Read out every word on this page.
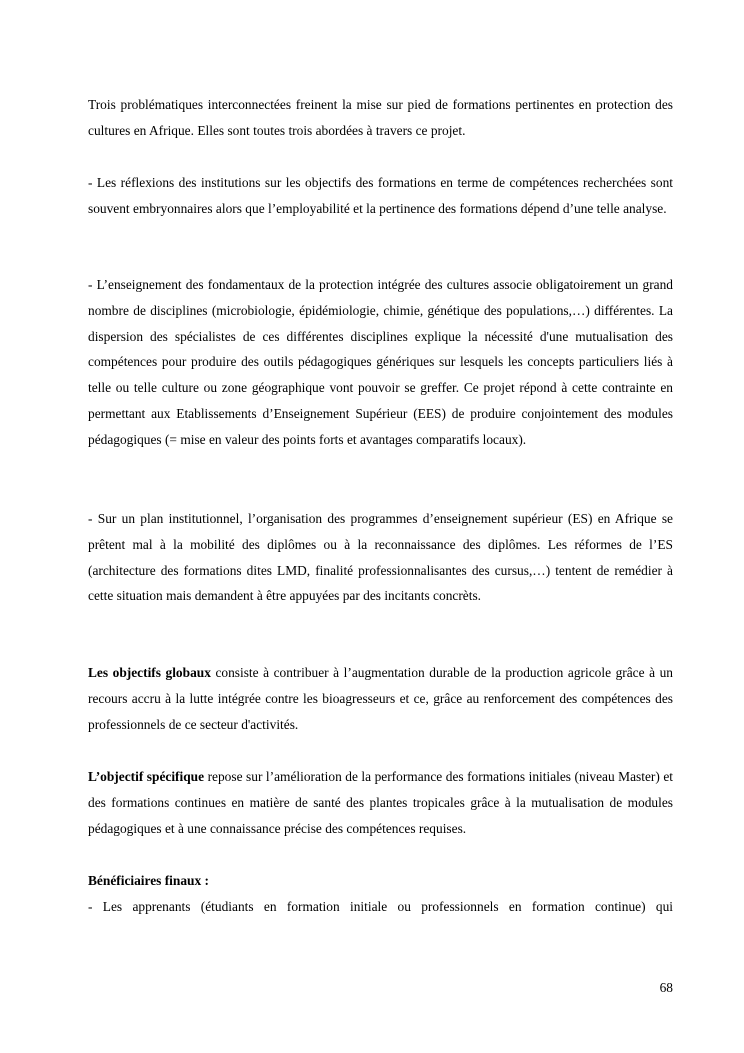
Trois problématiques interconnectées freinent la mise sur pied de formations pertinentes en protection des cultures en Afrique. Elles sont toutes trois abordées à travers ce projet.

- Les réflexions des institutions sur les objectifs des formations en terme de compétences recherchées sont souvent embryonnaires alors que l’employabilité et la pertinence des formations dépend d’une telle analyse.

- L’enseignement des fondamentaux de la protection intégrée des cultures associe obligatoirement un grand nombre de disciplines (microbiologie, épidémiologie, chimie, génétique des populations,…) différentes. La dispersion des spécialistes de ces différentes disciplines explique la nécessité d'une mutualisation des compétences pour produire des outils pédagogiques génériques sur lesquels les concepts particuliers liés à telle ou telle culture ou zone géographique vont pouvoir se greffer. Ce projet répond à cette contrainte en permettant aux Etablissements d’Enseignement Supérieur (EES) de produire conjointement des modules pédagogiques (= mise en valeur des points forts et avantages comparatifs locaux).

- Sur un plan institutionnel, l’organisation des programmes d’enseignement supérieur (ES) en Afrique se prêtent mal à la mobilité des diplômes ou à la reconnaissance des diplômes. Les réformes de l’ES (architecture des formations dites LMD, finalité professionnalisantes des cursus,…) tentent de remédier à cette situation mais demandent à être appuyées par des incitants concrèts.

Les objectifs globaux consiste à contribuer à l’augmentation durable de la production agricole grâce à un recours accru à la lutte intégrée contre les bioagresseurs et ce, grâce au renforcement des compétences des professionnels de ce secteur d'activités.

L’objectif spécifique repose sur l’amélioration de la performance des formations initiales (niveau Master) et des formations continues en matière de santé des plantes tropicales grâce à la mutualisation de modules pédagogiques et à une connaissance précise des compétences requises.

Bénéficiaires finaux :
- Les apprenants (étudiants en formation initiale ou professionnels en formation continue) qui
68
